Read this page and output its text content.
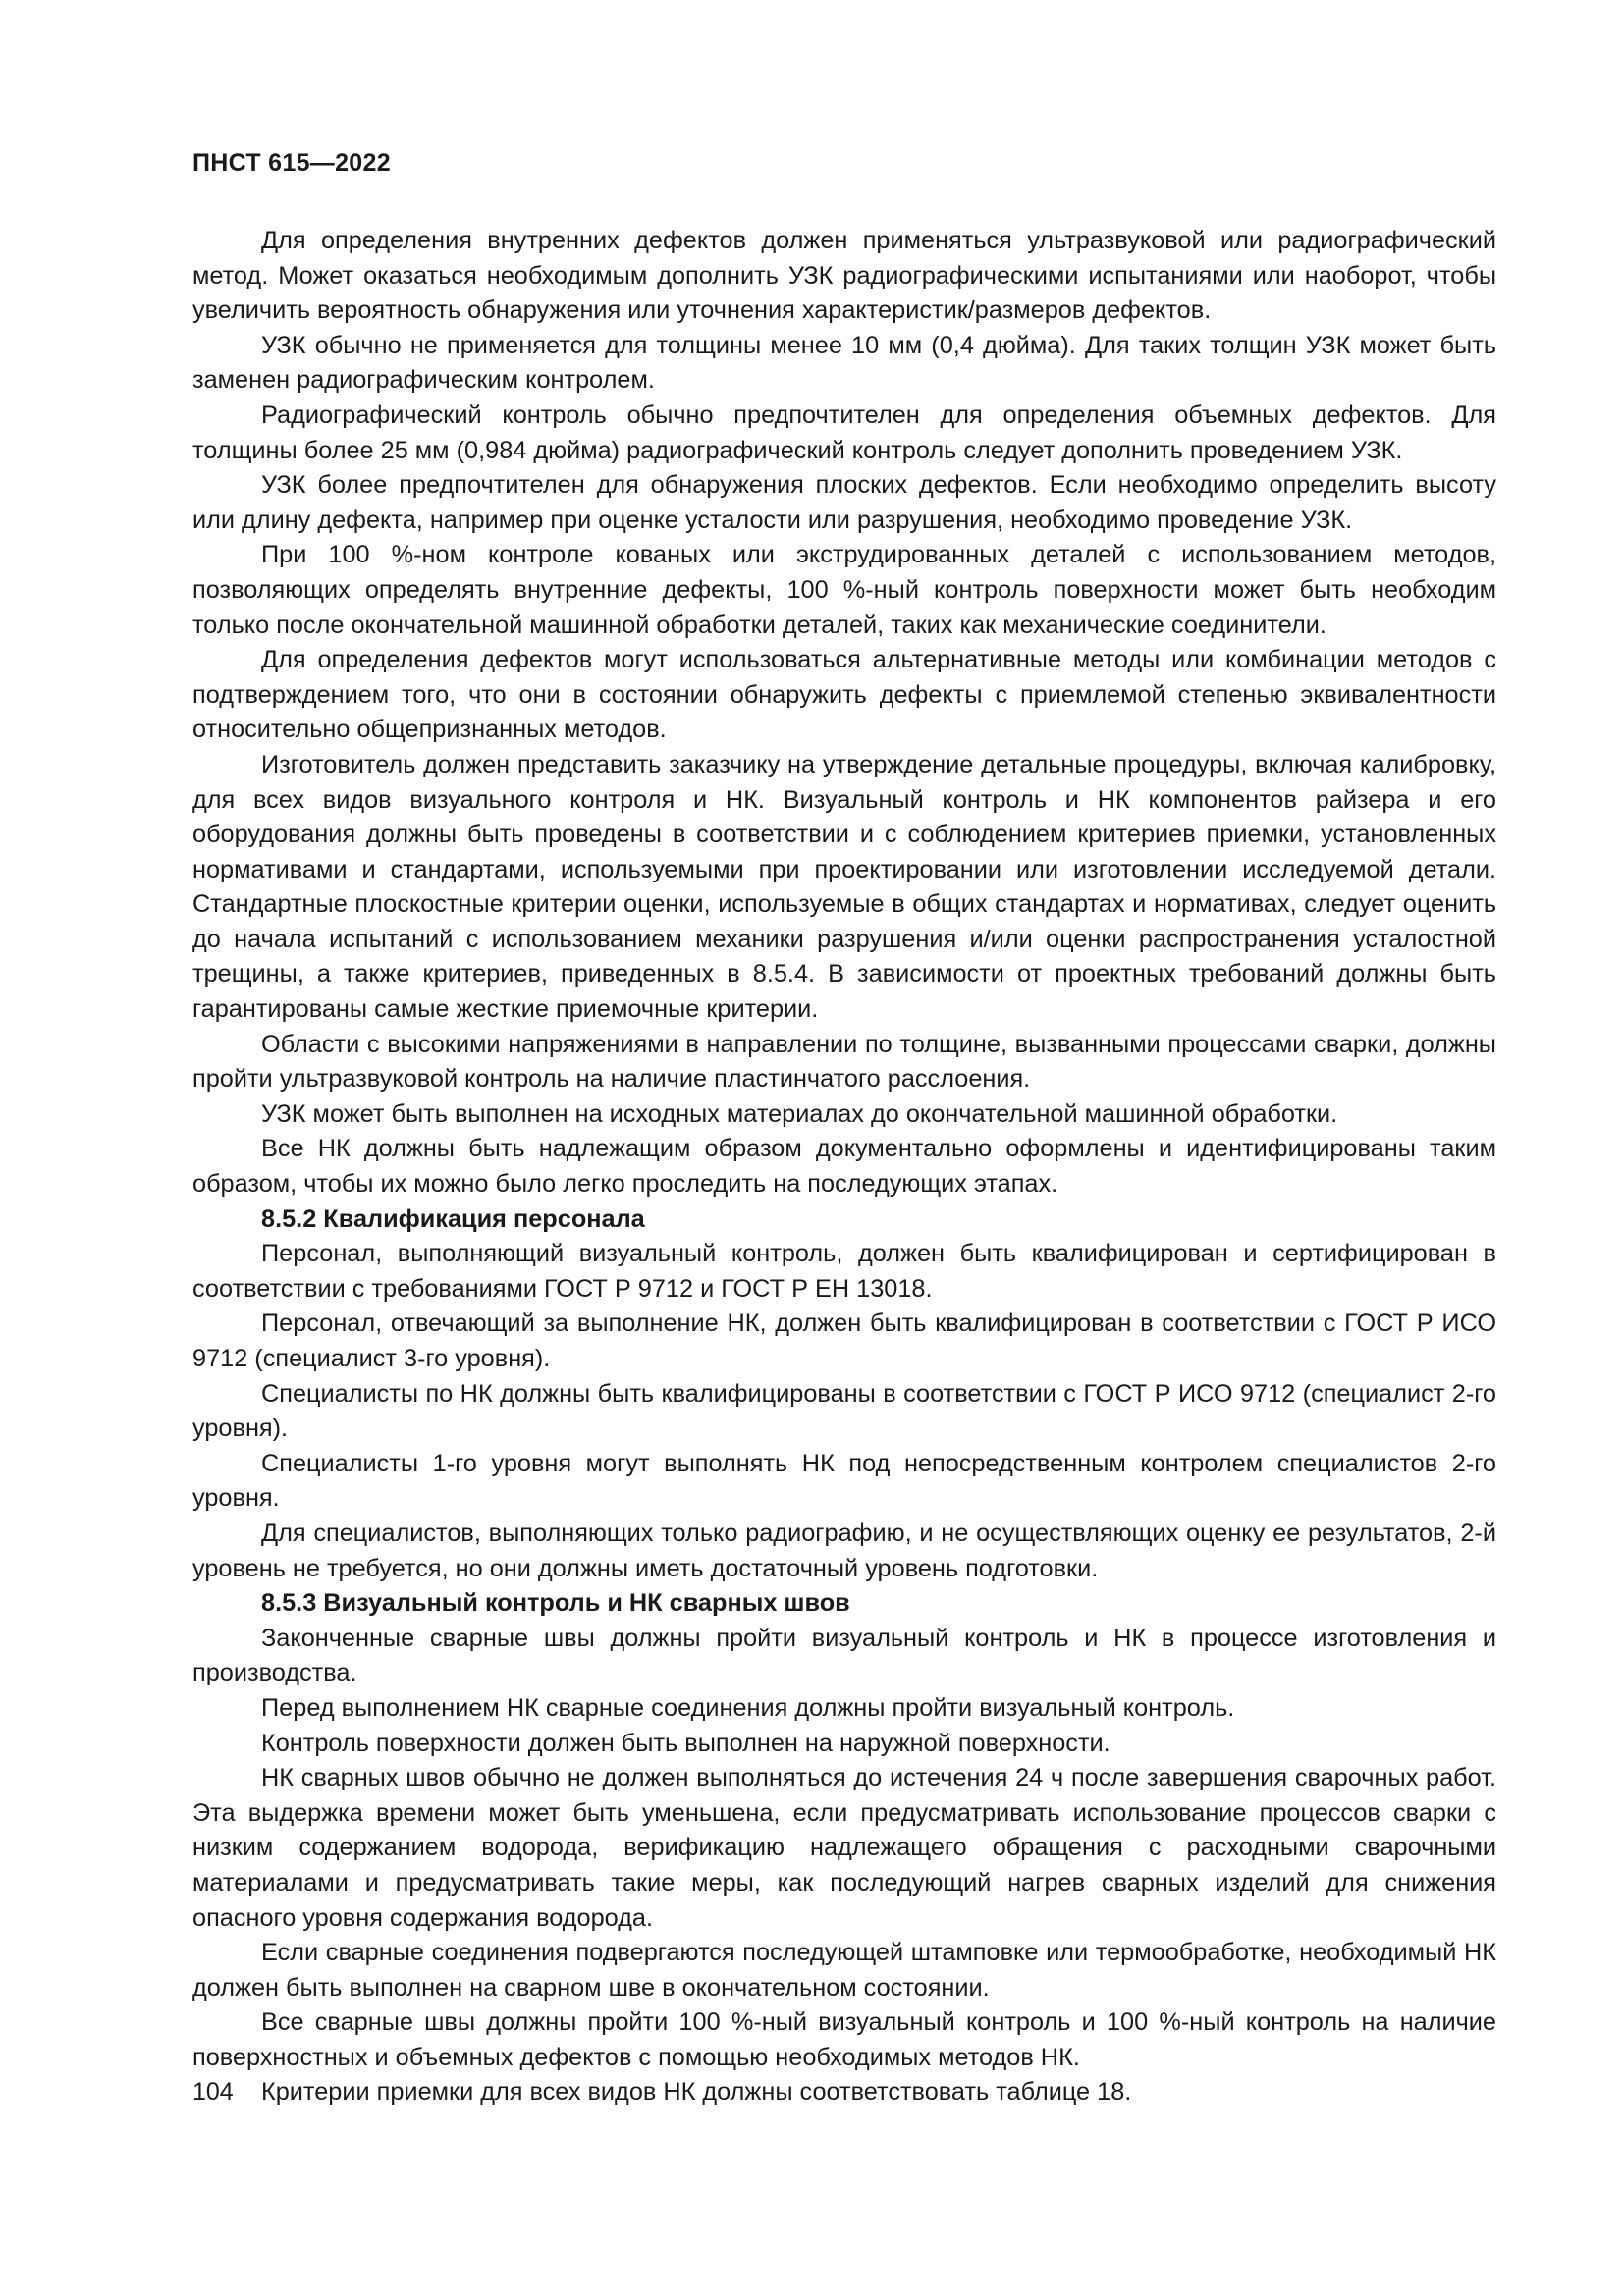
ПНСТ 615—2022

Для определения внутренних дефектов должен применяться ультразвуковой или радиографический метод. Может оказаться необходимым дополнить УЗК радиографическими испытаниями или наоборот, чтобы увеличить вероятность обнаружения или уточнения характеристик/размеров дефектов.

УЗК обычно не применяется для толщины менее 10 мм (0,4 дюйма). Для таких толщин УЗК может быть заменен радиографическим контролем.

Радиографический контроль обычно предпочтителен для определения объемных дефектов. Для толщины более 25 мм (0,984 дюйма) радиографический контроль следует дополнить проведением УЗК.

УЗК более предпочтителен для обнаружения плоских дефектов. Если необходимо определить высоту или длину дефекта, например при оценке усталости или разрушения, необходимо проведение УЗК.

При 100 %-ном контроле кованых или экструдированных деталей с использованием методов, позволяющих определять внутренние дефекты, 100 %-ный контроль поверхности может быть необходим только после окончательной машинной обработки деталей, таких как механические соединители.

Для определения дефектов могут использоваться альтернативные методы или комбинации методов с подтверждением того, что они в состоянии обнаружить дефекты с приемлемой степенью эквивалентности относительно общепризнанных методов.

Изготовитель должен представить заказчику на утверждение детальные процедуры, включая калибровку, для всех видов визуального контроля и НК. Визуальный контроль и НК компонентов райзера и его оборудования должны быть проведены в соответствии и с соблюдением критериев приемки, установленных нормативами и стандартами, используемыми при проектировании или изготовлении исследуемой детали. Стандартные плоскостные критерии оценки, используемые в общих стандартах и нормативах, следует оценить до начала испытаний с использованием механики разрушения и/или оценки распространения усталостной трещины, а также критериев, приведенных в 8.5.4. В зависимости от проектных требований должны быть гарантированы самые жесткие приемочные критерии.

Области с высокими напряжениями в направлении по толщине, вызванными процессами сварки, должны пройти ультразвуковой контроль на наличие пластинчатого расслоения.

УЗК может быть выполнен на исходных материалах до окончательной машинной обработки.

Все НК должны быть надлежащим образом документально оформлены и идентифицированы таким образом, чтобы их можно было легко проследить на последующих этапах.

8.5.2 Квалификация персонала

Персонал, выполняющий визуальный контроль, должен быть квалифицирован и сертифицирован в соответствии с требованиями ГОСТ Р 9712 и ГОСТ Р ЕН 13018.

Персонал, отвечающий за выполнение НК, должен быть квалифицирован в соответствии с ГОСТ Р ИСО 9712 (специалист 3-го уровня).

Специалисты по НК должны быть квалифицированы в соответствии с ГОСТ Р ИСО 9712 (специалист 2-го уровня).

Специалисты 1-го уровня могут выполнять НК под непосредственным контролем специалистов 2-го уровня.

Для специалистов, выполняющих только радиографию, и не осуществляющих оценку ее результатов, 2-й уровень не требуется, но они должны иметь достаточный уровень подготовки.

8.5.3 Визуальный контроль и НК сварных швов

Законченные сварные швы должны пройти визуальный контроль и НК в процессе изготовления и производства.

Перед выполнением НК сварные соединения должны пройти визуальный контроль.

Контроль поверхности должен быть выполнен на наружной поверхности.

НК сварных швов обычно не должен выполняться до истечения 24 ч после завершения сварочных работ. Эта выдержка времени может быть уменьшена, если предусматривать использование процессов сварки с низким содержанием водорода, верификацию надлежащего обращения с расходными сварочными материалами и предусматривать такие меры, как последующий нагрев сварных изделий для снижения опасного уровня содержания водорода.

Если сварные соединения подвергаются последующей штамповке или термообработке, необходимый НК должен быть выполнен на сварном шве в окончательном состоянии.

Все сварные швы должны пройти 100 %-ный визуальный контроль и 100 %-ный контроль на наличие поверхностных и объемных дефектов с помощью необходимых методов НК.

Критерии приемки для всех видов НК должны соответствовать таблице 18.

104
